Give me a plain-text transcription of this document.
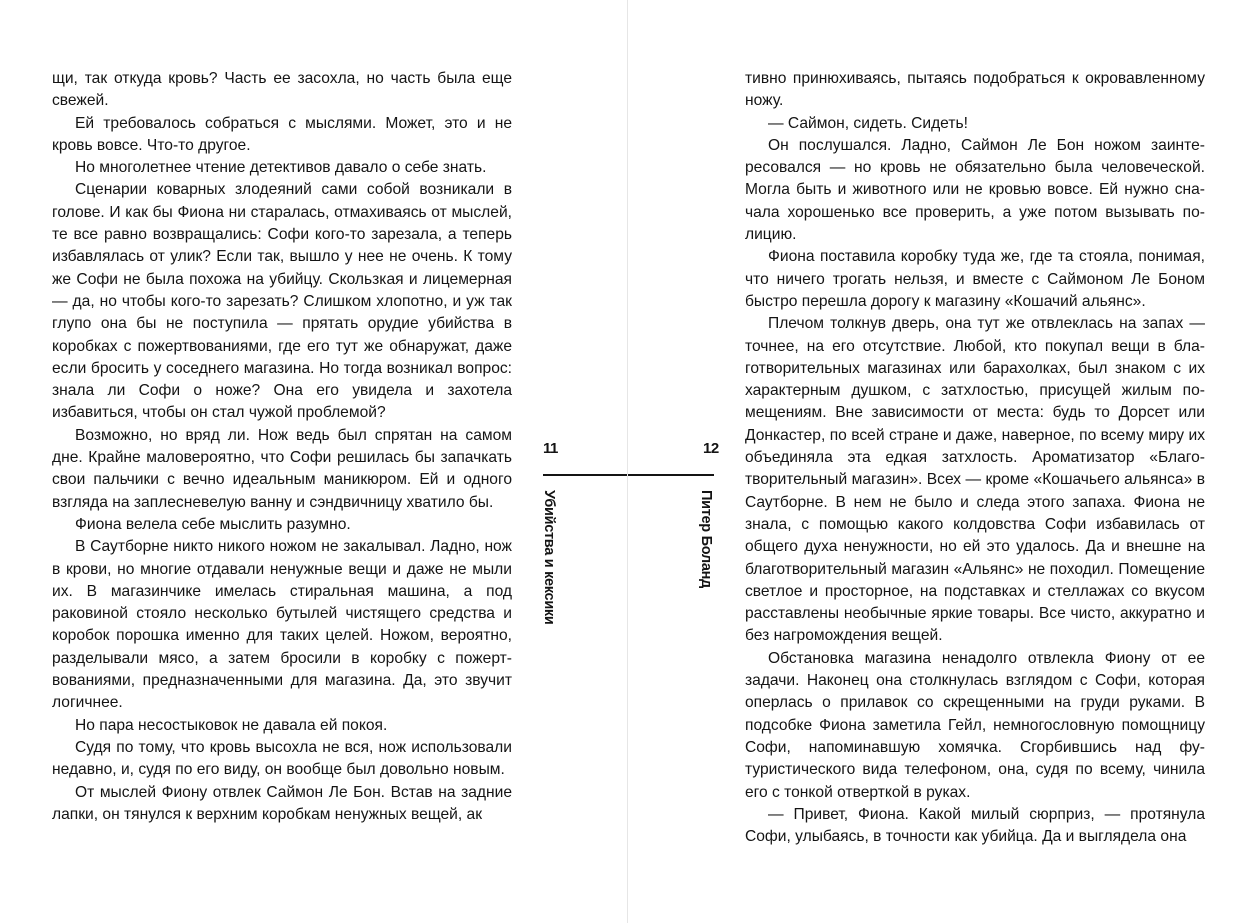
щи, так откуда кровь? Часть ее засохла, но часть была еще свежей.

Ей требовалось собраться с мыслями. Может, это и не кровь вовсе. Что-то другое.

Но многолетнее чтение детективов давало о себе знать.

Сценарии коварных злодеяний сами собой возникали в голове. И как бы Фиона ни старалась, отмахиваясь от мыслей, те все равно возвращались: Софи кого-то зарезала, а теперь избавлялась от улик? Если так, вышло у нее не очень. К тому же Софи не была похожа на убийцу. Скользкая и лицемерная — да, но чтобы кого-то зарезать? Слишком хлопотно, и уж так глупо она бы не поступила — прятать орудие убийства в коробках с пожертвованиями, где его тут же обнаружат, даже если бросить у соседнего магазина. Но тогда возникал вопрос: знала ли Софи о ноже? Она его увидела и захотела избавиться, чтобы он стал чужой проблемой?

Возможно, но вряд ли. Нож ведь был спрятан на самом дне. Крайне маловероятно, что Софи решилась бы запачкать свои пальчики с вечно идеальным маникюром. Ей и одного взгляда на заплесневелую ванну и сэндвичницу хватило бы.

Фиона велела себе мыслить разумно.

В Саутборне никто никого ножом не закалывал. Ладно, нож в крови, но многие отдавали ненужные вещи и даже не мыли их. В магазинчике имелась стиральная машина, а под раковиной стояло несколько бутылей чистящего средства и коробок порошка именно для таких целей. Ножом, вероятно, разделывали мясо, а затем бросили в коробку с пожертвованиями, предназначенными для магазина. Да, это звучит логичнее.

Но пара несостыковок не давала ей покоя.

Судя по тому, что кровь высохла не вся, нож использовали недавно, и, судя по его виду, он вообще был довольно новым.

От мыслей Фиону отвлек Саймон Ле Бон. Встав на задние лапки, он тянулся к верхним коробкам ненужных вещей, ак

11
Убийства и кексики

тивно принюхиваясь, пытаясь подобраться к окровавленному ножу.

— Саймон, сидеть. Сидеть!

Он послушался. Ладно, Саймон Ле Бон ножом заинтересовался — но кровь не обязательно была человеческой. Могла быть и животного или не кровью вовсе. Ей нужно сначала хорошенько все проверить, а уже потом вызывать полицию.

Фиона поставила коробку туда же, где та стояла, понимая, что ничего трогать нельзя, и вместе с Саймоном Ле Боном быстро перешла дорогу к магазину «Кошачий альянс».

Плечом толкнув дверь, она тут же отвлеклась на запах — точнее, на его отсутствие. Любой, кто покупал вещи в благотворительных магазинах или барахолках, был знаком с их характерным душком, с затхлостью, присущей жилым помещениям. Вне зависимости от места: будь то Дорсет или Донкастер, по всей стране и даже, наверное, по всему миру их объединяла эта едкая затхлость. Ароматизатор «Благотворительный магазин». Всех — кроме «Кошачьего альянса» в Саутборне. В нем не было и следа этого запаха. Фиона не знала, с помощью какого колдовства Софи избавилась от общего духа ненужности, но ей это удалось. Да и внешне на благотворительный магазин «Альянс» не походил. Помещение светлое и просторное, на подставках и стеллажах со вкусом расставлены необычные яркие товары. Все чисто, аккуратно и без нагромождения вещей.

Обстановка магазина ненадолго отвлекла Фиону от ее задачи. Наконец она столкнулась взглядом с Софи, которая оперлась о прилавок со скрещенными на груди руками. В подсобке Фиона заметила Гейл, немногословную помощницу Софи, напоминавшую хомячка. Сгорбившись над футуристического вида телефоном, она, судя по всему, чинила его с тонкой отверткой в руках.

— Привет, Фиона. Какой милый сюрприз, — протянула Софи, улыбаясь, в точности как убийца. Да и выглядела она

12
Питер Боланд
